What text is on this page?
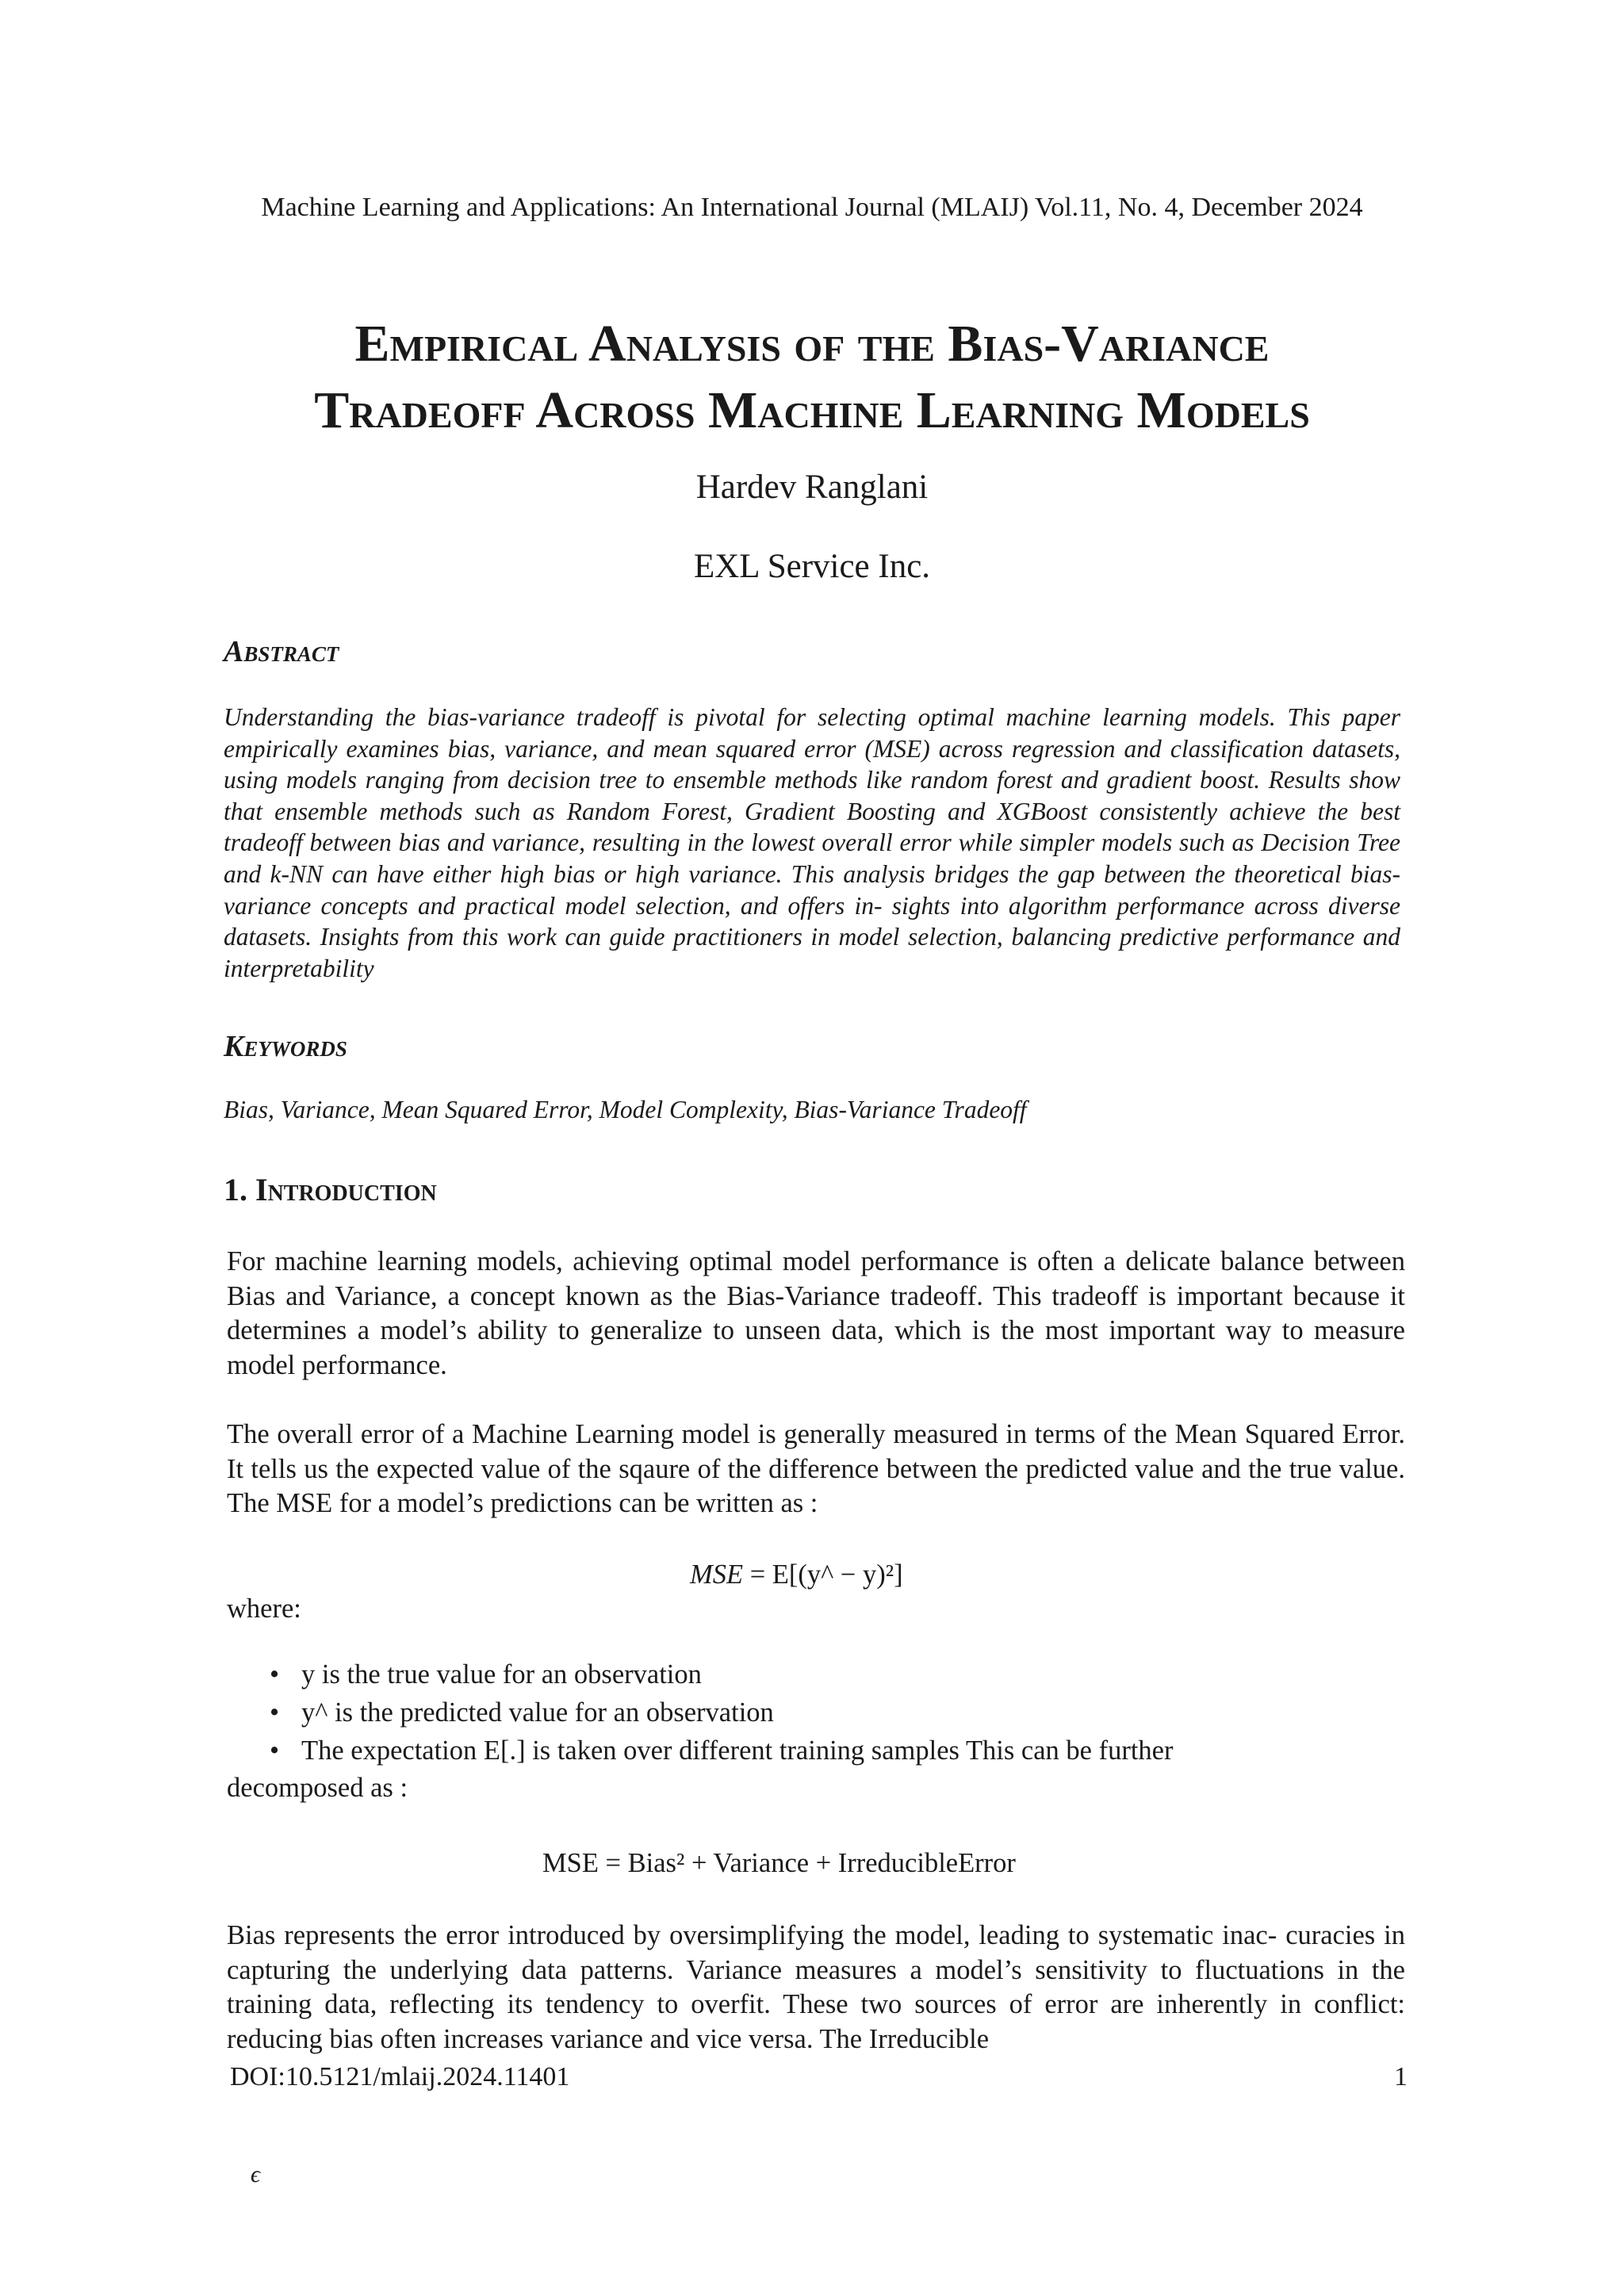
Machine Learning and Applications: An International Journal (MLAIJ) Vol.11, No. 4, December 2024
Empirical Analysis of the Bias-Variance
Tradeoff Across Machine Learning Models
Hardev Ranglani
EXL Service Inc.
Abstract
Understanding the bias-variance tradeoff is pivotal for selecting optimal machine learning models. This paper empirically examines bias, variance, and mean squared error (MSE) across regression and classification datasets, using models ranging from decision tree to ensemble methods like random forest and gradient boost. Results show that ensemble methods such as Random Forest, Gradient Boosting and XGBoost consistently achieve the best tradeoff between bias and variance, resulting in the lowest overall error while simpler models such as Decision Tree and k-NN can have either high bias or high variance. This analysis bridges the gap between the theoretical bias-variance concepts and practical model selection, and offers in- sights into algorithm performance across diverse datasets. Insights from this work can guide practitioners in model selection, balancing predictive performance and interpretability
Keywords
Bias, Variance, Mean Squared Error, Model Complexity, Bias-Variance Tradeoff
1. Introduction

For machine learning models, achieving optimal model performance is often a delicate balance between Bias and Variance, a concept known as the Bias-Variance tradeoff. This tradeoff is important because it determines a model’s ability to generalize to unseen data, which is the most important way to measure model performance.

The overall error of a Machine Learning model is generally measured in terms of the Mean Squared Error. It tells us the expected value of the sqaure of the difference between the predicted value and the true value. The MSE for a model’s predictions can be written as :

MSE = E[(y^ − y)²]

where:

• y is the true value for an observation
• y^ is the predicted value for an observation
• The expectation E[.] is taken over different training samples This can be further

decomposed as :

MSE = Bias² + Variance + IrreducibleError

Bias represents the error introduced by oversimplifying the model, leading to systematic inac- curacies in capturing the underlying data patterns. Variance measures a model’s sensitivity to fluctuations in the training data, reflecting its tendency to overfit. These two sources of error are inherently in conflict: reducing bias often increases variance and vice versa. The Irreducible

DOI:10.5121/mlaij.2024.11401	1
ϵ
